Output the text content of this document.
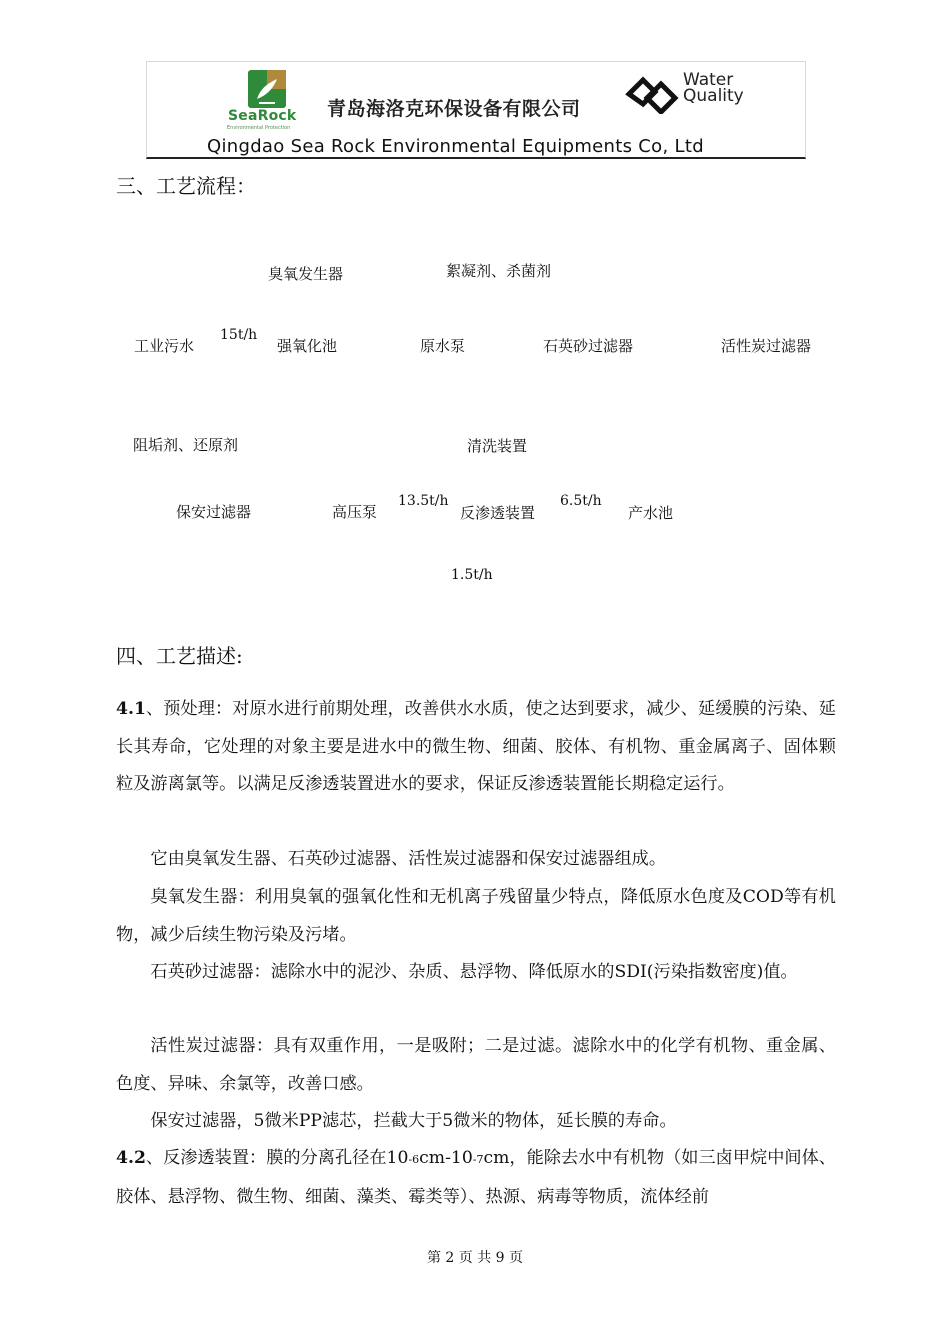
SeaRock
Environmental Protection
青岛海洛克环保设备有限公司
Water
Quality
Qingdao Sea Rock Environmental Equipments Co, Ltd
三、工艺流程：
臭氧发生器	絮凝剂、杀菌剂
工业污水
15t/h
强氧化池	原水泵	石英砂过滤器	活性炭过滤器
阻垢剂、还原剂	清洗装置
保安过滤器	高压泵
13.5t/h
反渗透装置
6.5t/h
产水池
1.5t/h
四、工艺描述:

4.1、预处理：对原水进行前期处理，改善供水水质，使之达到要求，减少、延缓膜的污染、延长其寿命，它处理的对象主要是进水中的微生物、细菌、胶体、有机物、重金属离子、固体颗粒及游离氯等。以满足反渗透装置进水的要求，保证反渗透装置能长期稳定运行。

它由臭氧发生器、石英砂过滤器、活性炭过滤器和保安过滤器组成。

臭氧发生器：利用臭氧的强氧化性和无机离子残留量少特点，降低原水色度及COD等有机物，减少后续生物污染及污堵。

石英砂过滤器：滤除水中的泥沙、杂质、悬浮物、降低原水的SDI(污染指数密度)值。

活性炭过滤器：具有双重作用，一是吸附；二是过滤。滤除水中的化学有机物、重金属、色度、异味、余氯等，改善口感。

保安过滤器，5微米PP滤芯，拦截大于5微米的物体，延长膜的寿命。

4.2、反渗透装置：膜的分离孔径在10-6cm-10-7cm，能除去水中有机物（如三卤甲烷中间体、胶体、悬浮物、微生物、细菌、藻类、霉类等）、热源、病毒等物质，流体经前

第 2 页 共 9 页
